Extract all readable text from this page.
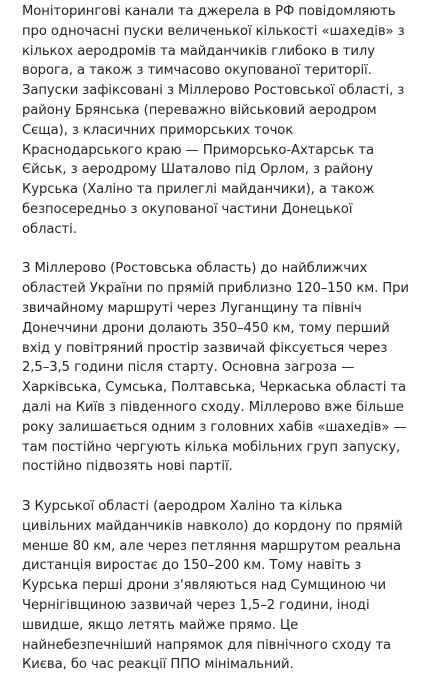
Моніторингові канали та джерела в РФ повідомляють про одночасні пуски величенької кількості «шахедів» з кількох аеродромів та майданчиків глибоко в тилу ворога, а також з тимчасово окупованої території. Запуски зафіксовані з Міллерово Ростовської області, з району Брянська (переважно військовий аеродром Сєща), з класичних приморських точок Краснодарського краю — Приморсько-Ахтарськ та Єйськ, з аеродрому Шаталово під Орлом, з району Курська (Халіно та прилеглі майданчики), а також безпосередньо з окупованої частини Донецької області.

З Міллерово (Ростовська область) до найближчих областей України по прямій приблизно 120–150 км. При звичайному маршруті через Луганщину та північ Донеччини дрони долають 350–450 км, тому перший вхід у повітряний простір зазвичай фіксується через 2,5–3,5 години після старту. Основна загроза — Харківська, Сумська, Полтавська, Черкаська області та далі на Київ з південного сходу. Міллерово вже більше року залишається одним з головних хабів «шахедів» — там постійно чергують кілька мобільних груп запуску, постійно підвозять нові партії.

З Курської області (аеродром Халіно та кілька цивільних майданчиків навколо) до кордону по прямій менше 80 км, але через петляння маршрутом реальна дистанція виростає до 150–200 км. Тому навіть з Курська перші дрони з'являються над Сумщиною чи Чернігівщиною зазвичай через 1,5–2 години, іноді швидше, якщо летять майже прямо. Це найнебезпечніший напрямок для північного сходу та Києва, бо час реакції ППО мінімальний.
